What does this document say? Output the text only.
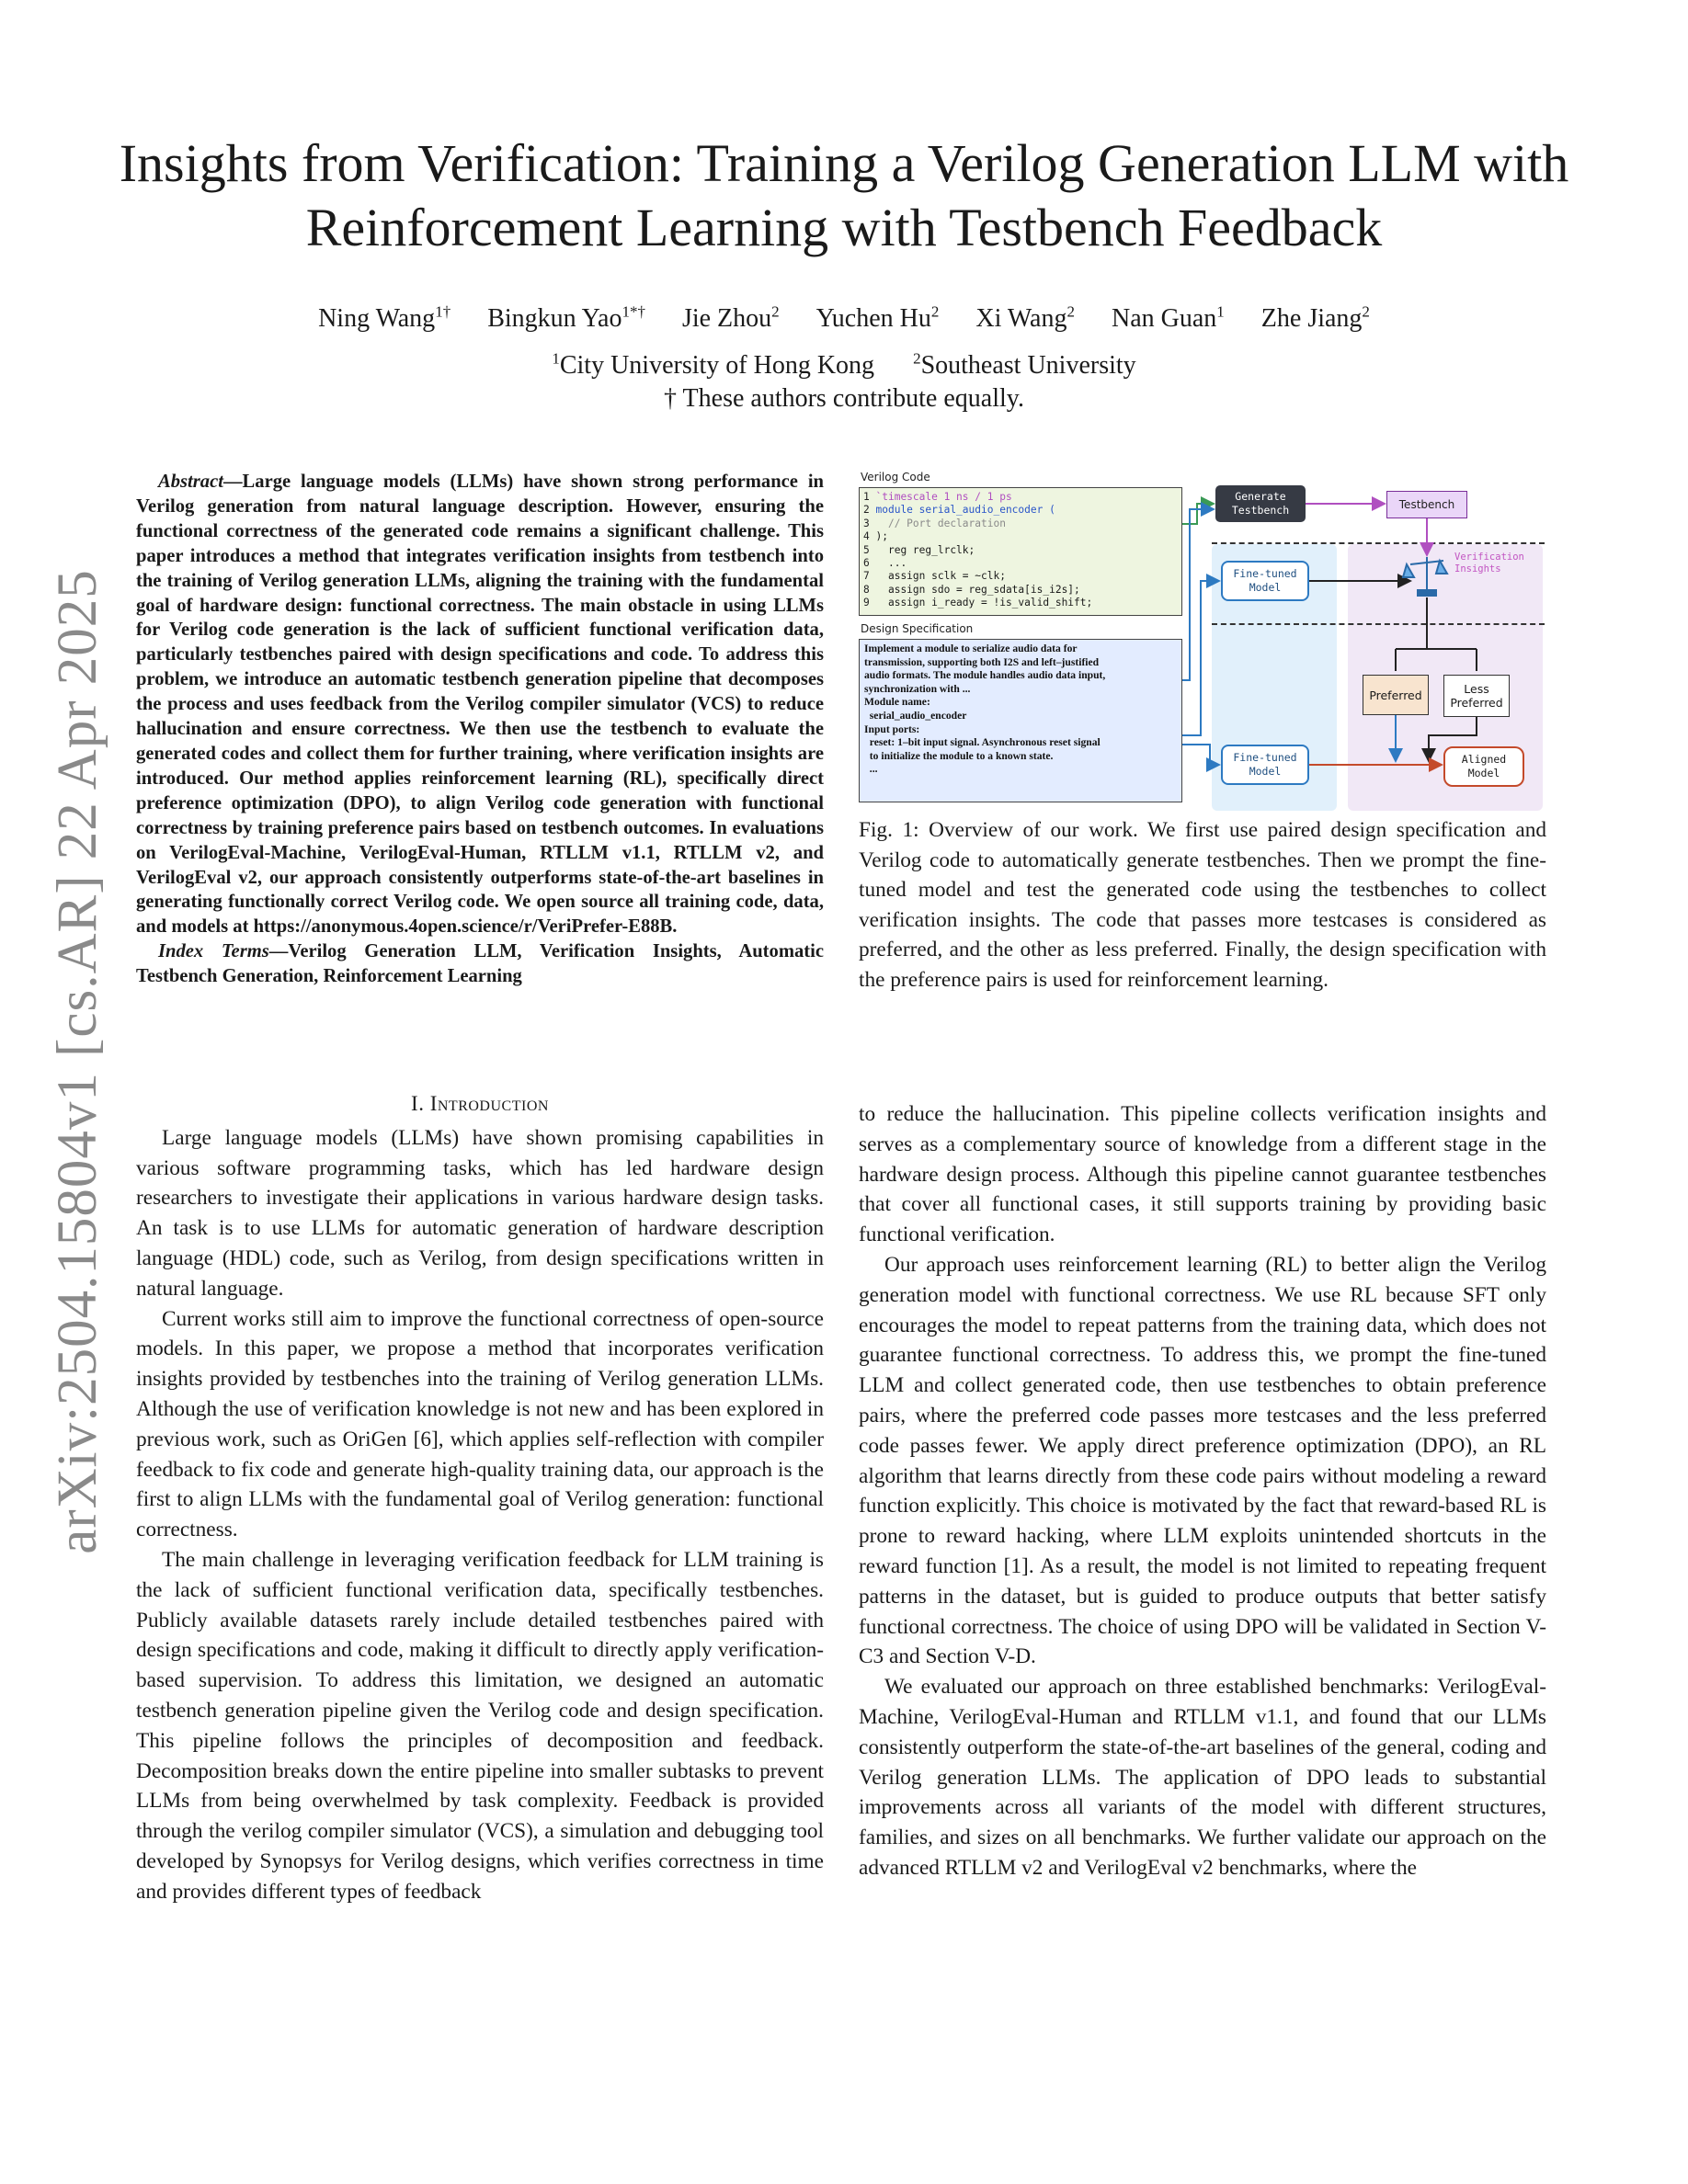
arXiv:2504.15804v1 [cs.AR] 22 Apr 2025
Insights from Verification: Training a Verilog Generation LLM with Reinforcement Learning with Testbench Feedback
Ning Wang$^{1\dagger}$ Bingkun Yao$^{1*\dagger}$ Jie Zhou$^2$ Yuchen Hu$^2$ Xi Wang$^2$ Nan Guan$^1$ Zhe Jiang$^2$
$^1$City University of Hong Kong $^2$Southeast University
† These authors contribute equally.

Abstract—Large language models (LLMs) have shown strong performance in Verilog generation from natural language description. However, ensuring the functional correctness of the generated code remains a significant challenge. This paper introduces a method that integrates verification insights from testbench into the training of Verilog generation LLMs, aligning the training with the fundamental goal of hardware design: functional correctness. The main obstacle in using LLMs for Verilog code generation is the lack of sufficient functional verification data, particularly testbenches paired with design specifications and code. To address this problem, we introduce an automatic testbench generation pipeline that decomposes the process and uses feedback from the Verilog compiler simulator (VCS) to reduce hallucination and ensure correctness. We then use the testbench to evaluate the generated codes and collect them for further training, where verification insights are introduced. Our method applies reinforcement learning (RL), specifically direct preference optimization (DPO), to align Verilog code generation with functional correctness by training preference pairs based on testbench outcomes. In evaluations on VerilogEval-Machine, VerilogEval-Human, RTLLM v1.1, RTLLM v2, and VerilogEval v2, our approach consistently outperforms state-of-the-art baselines in generating functionally correct Verilog code. We open source all training code, data, and models at https://anonymous.4open.science/r/VeriPrefer-E88B.

Index Terms—Verilog Generation LLM, Verification Insights, Automatic Testbench Generation, Reinforcement Learning

I. Introduction

Large language models (LLMs) have shown promising capabilities in various software programming tasks, which has led hardware design researchers to investigate their applications in various hardware design tasks. An task is to use LLMs for automatic generation of hardware description language (HDL) code, such as Verilog, from design specifications written in natural language.

Current works still aim to improve the functional correctness of open-source models. In this paper, we propose a method that incorporates verification insights provided by testbenches into the training of Verilog generation LLMs. Although the use of verification knowledge is not new and has been explored in previous work, such as OriGen [6], which applies self-reflection with compiler feedback to fix code and generate high-quality training data, our approach is the first to align LLMs with the fundamental goal of Verilog generation: functional correctness.

The main challenge in leveraging verification feedback for LLM training is the lack of sufficient functional verification data, specifically testbenches. Publicly available datasets rarely include detailed testbenches paired with design specifications and code, making it difficult to directly apply verification-based supervision. To address this limitation, we designed an automatic testbench generation pipeline given the Verilog code and design specification. This pipeline follows the principles of decomposition and feedback. Decomposition breaks down the entire pipeline into smaller subtasks to prevent LLMs from being overwhelmed by task complexity. Feedback is provided through the verilog compiler simulator (VCS), a simulation and debugging tool developed by Synopsys for Verilog designs, which verifies correctness in time and provides different types of feedback

to reduce the hallucination. This pipeline collects verification insights and serves as a complementary source of knowledge from a different stage in the hardware design process. Although this pipeline cannot guarantee testbenches that cover all functional cases, it still supports training by providing basic functional verification.

Our approach uses reinforcement learning (RL) to better align the Verilog generation model with functional correctness. We use RL because SFT only encourages the model to repeat patterns from the training data, which does not guarantee functional correctness. To address this, we prompt the fine-tuned LLM and collect generated code, then use testbenches to obtain preference pairs, where the preferred code passes more testcases and the less preferred code passes fewer. We apply direct preference optimization (DPO), an RL algorithm that learns directly from these code pairs without modeling a reward function explicitly. This choice is motivated by the fact that reward-based RL is prone to reward hacking, where LLM exploits unintended shortcuts in the reward function [1]. As a result, the model is not limited to repeating frequent patterns in the dataset, but is guided to produce outputs that better satisfy functional correctness. The choice of using DPO will be validated in Section V-C3 and Section V-D.

We evaluated our approach on three established benchmarks: VerilogEval-Machine, VerilogEval-Human and RTLLM v1.1, and found that our LLMs consistently outperform the state-of-the-art baselines of the general, coding and Verilog generation LLMs. The application of DPO leads to substantial improvements across all variants of the model with different structures, families, and sizes on all benchmarks. We further validate our approach on the advanced RTLLM v2 and VerilogEval v2 benchmarks, where the

Verilog Code
1 `timescale 1 ns / 1 ps
2 module serial_audio_encoder (
3   // Port declaration
4 );
5   reg reg_lrclk;
6   ...
7   assign sclk = ~clk;
8   assign sdo = reg_sdata[is_i2s];
9   assign i_ready = !is_valid_shift;
Design Specification
Implement a module to serialize audio data for
transmission, supporting both I2S and left–justified
audio formats. The module handles audio data input,
synchronization with ...
Module name:
serial_audio_encoder
Input ports:
reset: 1–bit input signal. Asynchronous reset signal
to initialize the module to a known state.
...
Generate Testbench	Testbench
Fine-tuned Model
Fine-tuned Model
Verification Insights
Preferred	Less Preferred
Aligned Model
Fig. 1: Overview of our work. We first use paired design specification and Verilog code to automatically generate testbenches. Then we prompt the fine-tuned model and test the generated code using the testbenches to collect verification insights. The code that passes more testcases is considered as preferred, and the other as less preferred. Finally, the design specification with the preference pairs is used for reinforcement learning.
